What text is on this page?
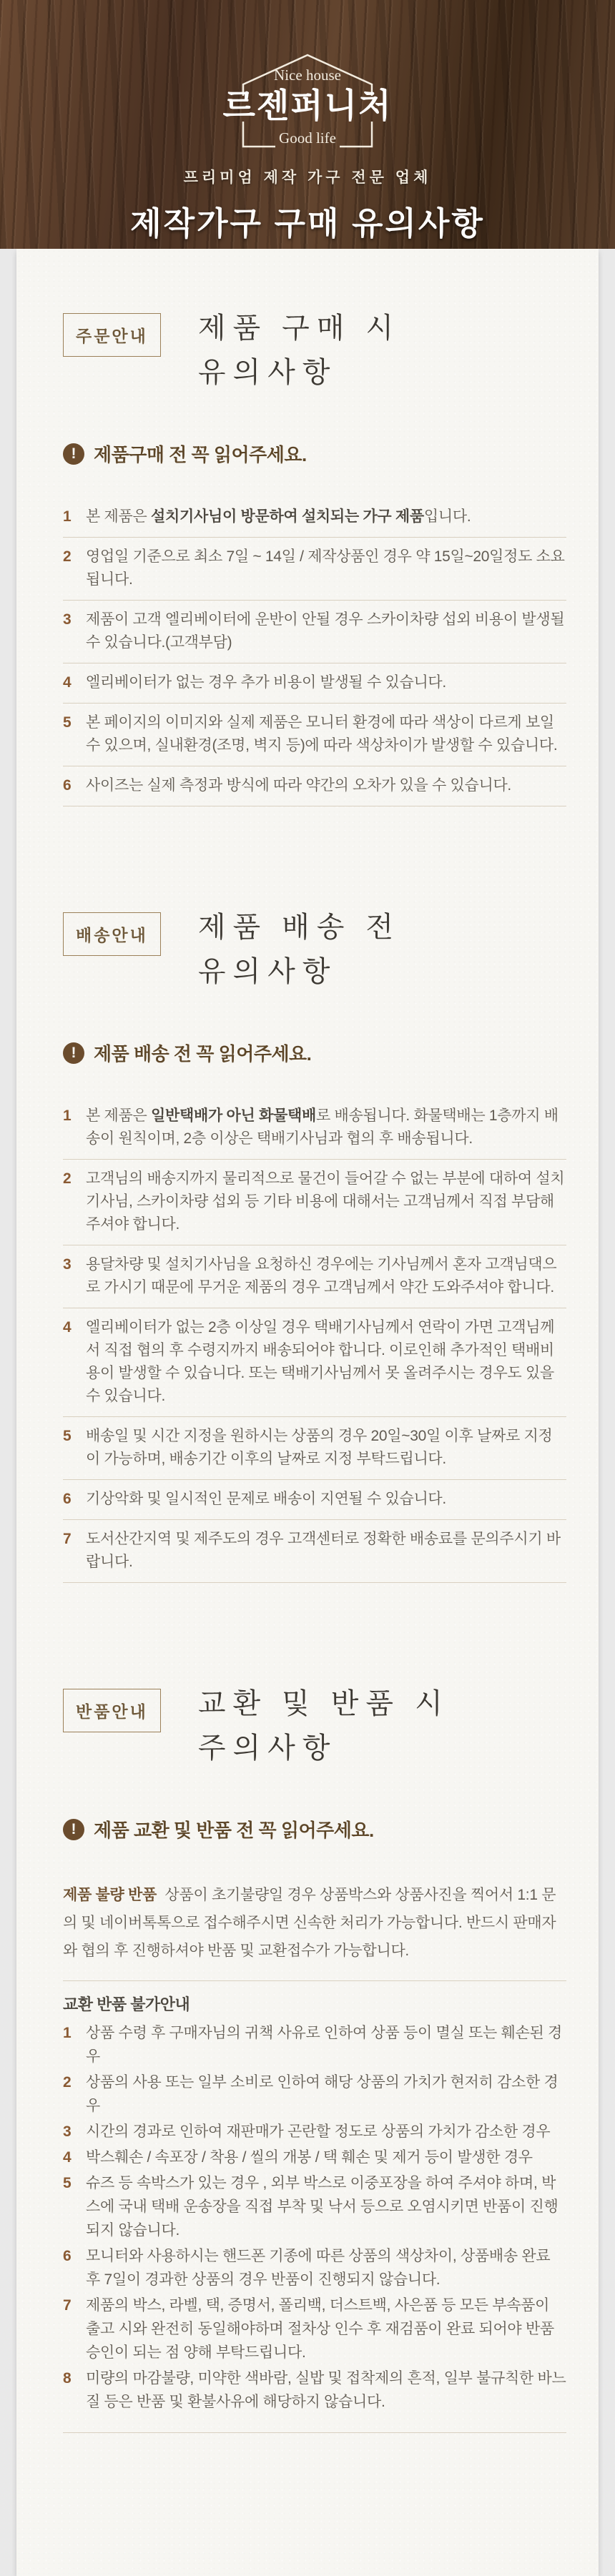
Nice house
르젠퍼니처
Good life
프리미엄 제작 가구 전문 업체
제작가구 구매 유의사항
주문안내	제품 구매 시
유의사항
! 제품구매 전 꼭 읽어주세요.
1 본 제품은 설치기사님이 방문하여 설치되는 가구 제품입니다.
2 영업일 기준으로 최소 7일 ~ 14일 / 제작상품인 경우 약 15일~20일정도 소요됩니다.
3 제품이 고객 엘리베이터에 운반이 안될 경우 스카이차량 섭외 비용이 발생될 수 있습니다.(고객부담)
4 엘리베이터가 없는 경우 추가 비용이 발생될 수 있습니다.
5 본 페이지의 이미지와 실제 제품은 모니터 환경에 따라 색상이 다르게 보일 수 있으며, 실내환경(조명, 벽지 등)에 따라 색상차이가 발생할 수 있습니다.
6 사이즈는 실제 측정과 방식에 따라 약간의 오차가 있을 수 있습니다.
배송안내	제품 배송 전
유의사항
! 제품 배송 전 꼭 읽어주세요.
1 본 제품은 일반택배가 아닌 화물택배로 배송됩니다. 화물택배는 1층까지 배송이 원칙이며, 2층 이상은 택배기사님과 협의 후 배송됩니다.
2 고객님의 배송지까지 물리적으로 물건이 들어갈 수 없는 부분에 대하여 설치기사님, 스카이차량 섭외 등 기타 비용에 대해서는 고객님께서 직접 부담해주셔야 합니다.
3 용달차량 및 설치기사님을 요청하신 경우에는 기사님께서 혼자 고객님댁으로 가시기 때문에 무거운 제품의 경우 고객님께서 약간 도와주셔야 합니다.
4 엘리베이터가 없는 2층 이상일 경우 택배기사님께서 연락이 가면 고객님께서 직접 협의 후 수령지까지 배송되어야 합니다. 이로인해 추가적인 택배비용이 발생할 수 있습니다. 또는 택배기사님께서 못 올려주시는 경우도 있을 수 있습니다.
5 배송일 및 시간 지정을 원하시는 상품의 경우 20일~30일 이후 날짜로 지정이 가능하며, 배송기간 이후의 날짜로 지정 부탁드립니다.
6 기상악화 및 일시적인 문제로 배송이 지연될 수 있습니다.
7 도서산간지역 및 제주도의 경우 고객센터로 정확한 배송료를 문의주시기 바랍니다.
반품안내	교환 및 반품 시
주의사항
! 제품 교환 및 반품 전 꼭 읽어주세요.

제품 불량 반품 상품이 초기불량일 경우 상품박스와 상품사진을 찍어서 1:1 문의 및 네이버톡톡으로 접수해주시면 신속한 처리가 가능합니다. 반드시 판매자와 협의 후 진행하셔야 반품 및 교환접수가 가능합니다.

교환 반품 불가안내
1 상품 수령 후 구매자님의 귀책 사유로 인하여 상품 등이 멸실 또는 훼손된 경우
2 상품의 사용 또는 일부 소비로 인하여 해당 상품의 가치가 현저히 감소한 경우
3 시간의 경과로 인하여 재판매가 곤란할 정도로 상품의 가치가 감소한 경우
4 박스훼손 / 속포장 / 착용 / 씰의 개봉 / 택 훼손 및 제거 등이 발생한 경우
5 슈즈 등 속박스가 있는 경우 , 외부 박스로 이중포장을 하여 주셔야 하며, 박스에 국내 택배 운송장을 직접 부착 및 낙서 등으로 오염시키면 반품이 진행되지 않습니다.
6 모니터와 사용하시는 핸드폰 기종에 따른 상품의 색상차이, 상품배송 완료 후 7일이 경과한 상품의 경우 반품이 진행되지 않습니다.
7 제품의 박스, 라벨, 택, 증명서, 폴리백, 더스트백, 사은품 등 모든 부속품이 출고 시와 완전히 동일해야하며 절차상 인수 후 재검품이 완료 되어야 반품 승인이 되는 점 양해 부탁드립니다.
8 미량의 마감불량, 미약한 색바람, 실밥 및 접착제의 흔적, 일부 불규칙한 바느질 등은 반품 및 환불사유에 해당하지 않습니다.
